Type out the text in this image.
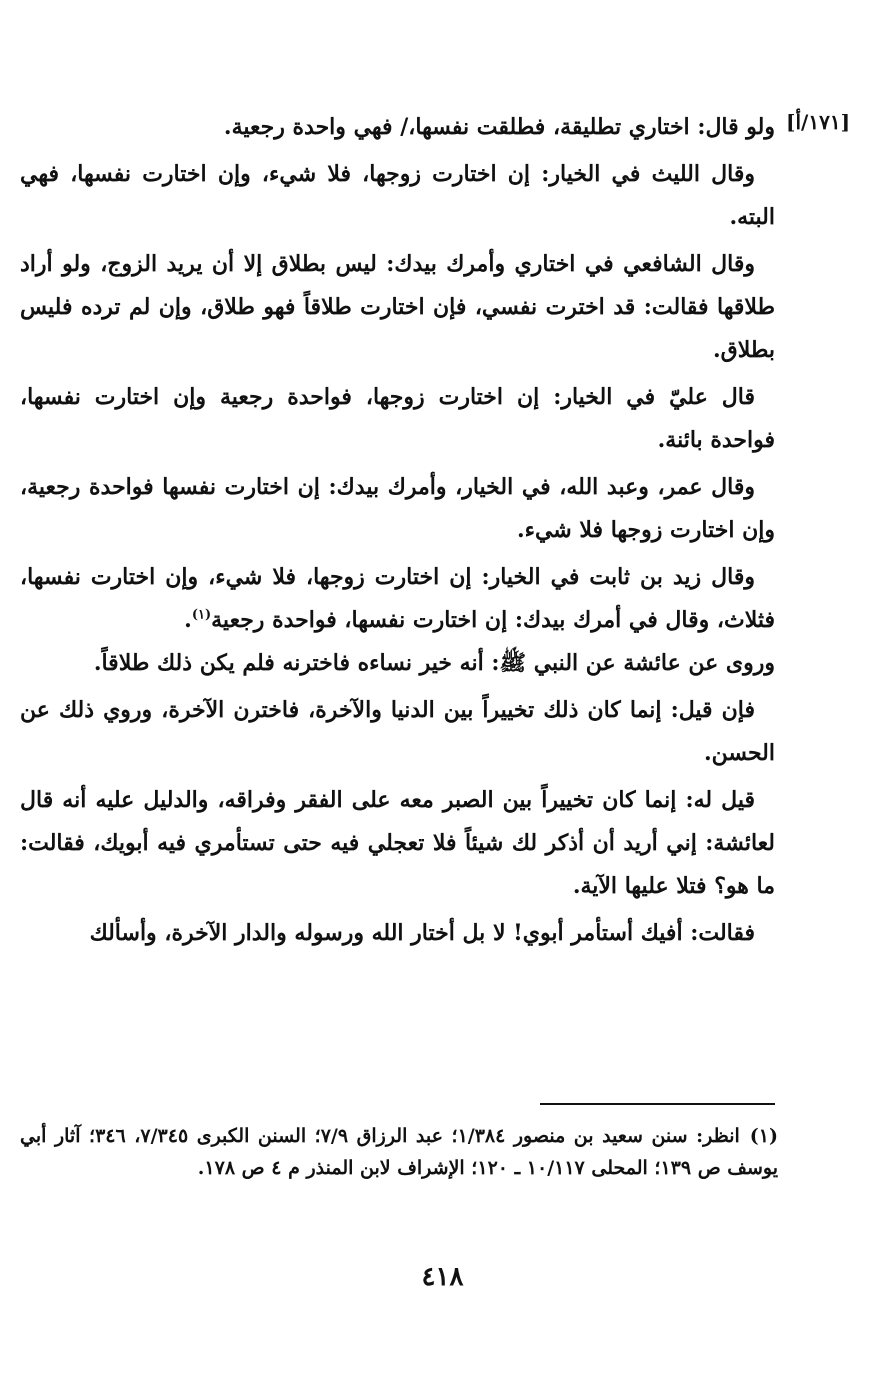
[١٧١/أ]

ولو قال: اختاري تطليقة، فطلقت نفسها،/ فهي واحدة رجعية.

وقال الليث في الخيار: إن اختارت زوجها، فلا شيء، وإن اختارت نفسها، فهي البته.

وقال الشافعي في اختاري وأمرك بيدك: ليس بطلاق إلا أن يريد الزوج، ولو أراد طلاقها فقالت: قد اخترت نفسي، فإن اختارت طلاقاً فهو طلاق، وإن لم ترده فليس بطلاق.

قال عليّ في الخيار: إن اختارت زوجها، فواحدة رجعية وإن اختارت نفسها، فواحدة بائنة.

وقال عمر، وعبد الله، في الخيار، وأمرك بيدك: إن اختارت نفسها فواحدة رجعية، وإن اختارت زوجها فلا شيء.

وقال زيد بن ثابت في الخيار: إن اختارت زوجها، فلا شيء، وإن اختارت نفسها، فثلاث، وقال في أمرك بيدك: إن اختارت نفسها، فواحدة رجعية$^{(١)}$.
وروى عن عائشة عن النبي ﷺ: أنه خير نساءه فاخترنه فلم يكن ذلك طلاقاً.

فإن قيل: إنما كان ذلك تخييراً بين الدنيا والآخرة، فاخترن الآخرة، وروي ذلك عن الحسن.

قيل له: إنما كان تخييراً بين الصبر معه على الفقر وفراقه، والدليل عليه أنه قال لعائشة: إني أريد أن أذكر لك شيئاً فلا تعجلي فيه حتى تستأمري فيه أبويك، فقالت: ما هو؟ فتلا عليها الآية.

فقالت: أفيك أستأمر أبوي! لا بل أختار الله ورسوله والدار الآخرة، وأسألك

(١)انظر: سنن سعيد بن منصور ١/٣٨٤؛ عبد الرزاق ٧/٩؛ السنن الكبرى ٧/٣٤٥، ٣٤٦؛ آثار أبي يوسف ص ١٣٩؛ المحلى ١٠/١١٧ ـ ١٢٠؛ الإشراف لابن المنذر م ٤ ص ١٧٨.
٤١٨
